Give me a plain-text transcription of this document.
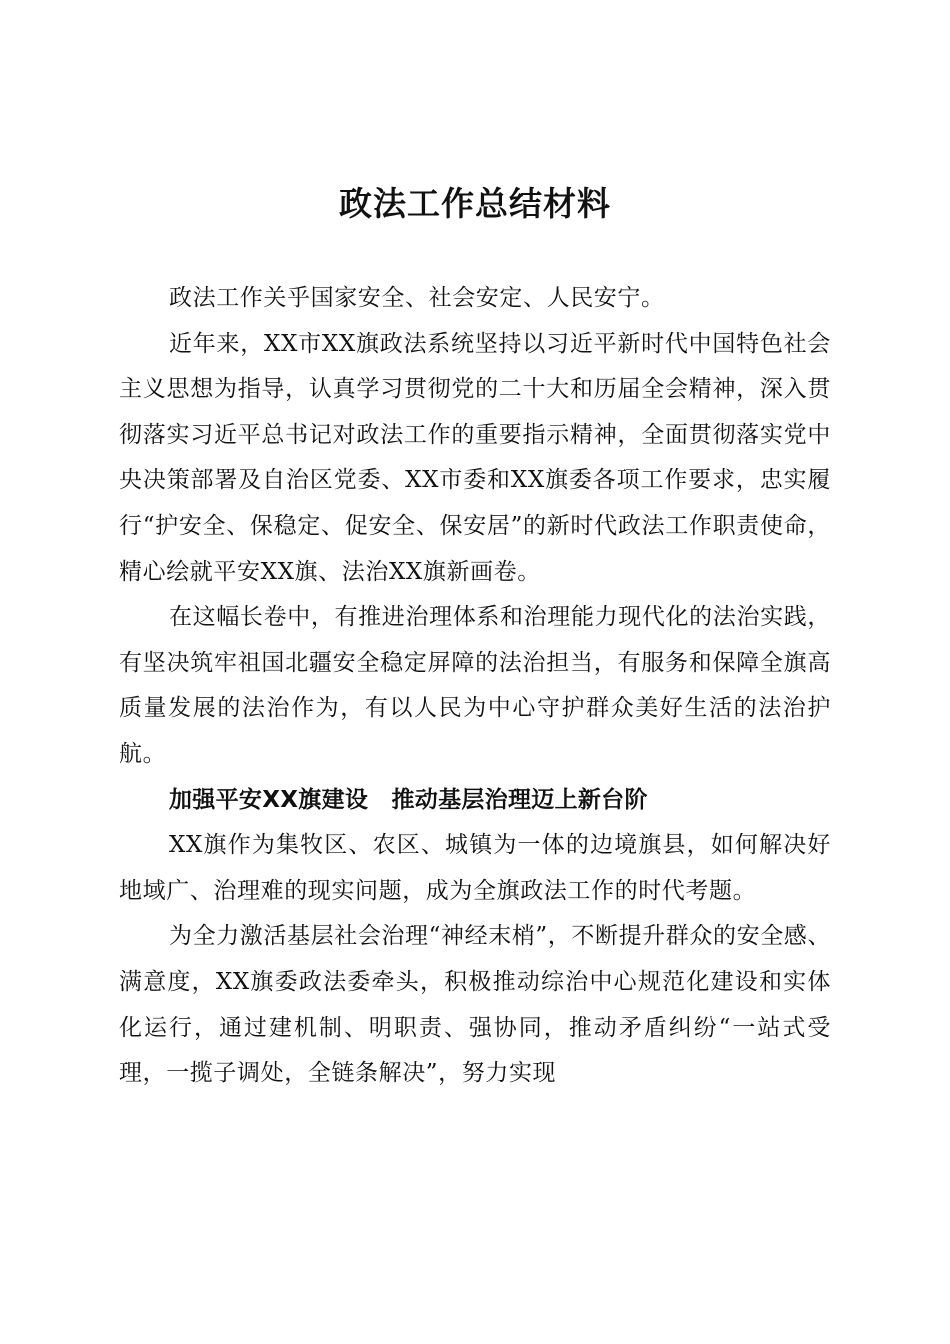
政法工作总结材料

政法工作关乎国家安全、社会安定、人民安宁。

近年来，XX市XX旗政法系统坚持以习近平新时代中国特色社会主义思想为指导，认真学习贯彻党的二十大和历届全会精神，深入贯彻落实习近平总书记对政法工作的重要指示精神，全面贯彻落实党中央决策部署及自治区党委、XX市委和XX旗委各项工作要求，忠实履行“护安全、保稳定、促安全、保安居”的新时代政法工作职责使命，精心绘就平安XX旗、法治XX旗新画卷。

在这幅长卷中，有推进治理体系和治理能力现代化的法治实践，有坚决筑牢祖国北疆安全稳定屏障的法治担当，有服务和保障全旗高质量发展的法治作为，有以人民为中心守护群众美好生活的法治护航。

加强平安XX旗建设　推动基层治理迈上新台阶

XX旗作为集牧区、农区、城镇为一体的边境旗县，如何解决好地域广、治理难的现实问题，成为全旗政法工作的时代考题。

为全力激活基层社会治理“神经末梢”，不断提升群众的安全感、满意度，XX旗委政法委牵头，积极推动综治中心规范化建设和实体化运行，通过建机制、明职责、强协同，推动矛盾纠纷“一站式受理，一揽子调处，全链条解决”，努力实现
